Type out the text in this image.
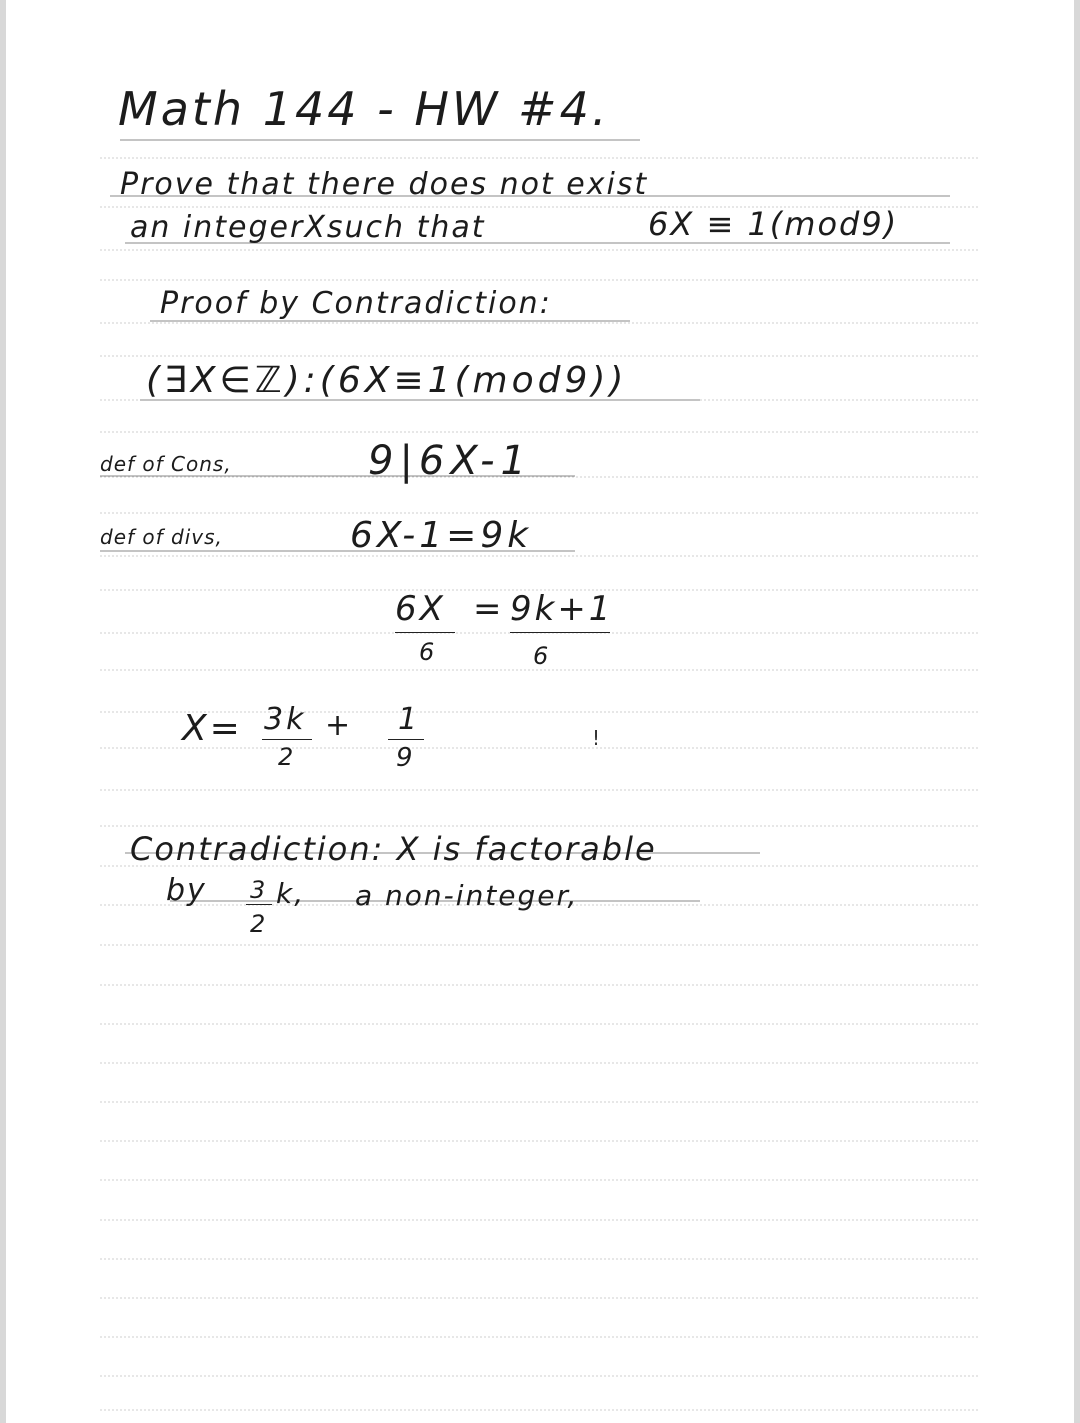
Math 144 - HW #4.
Prove that there does not exist
an integerXsuch that	6X ≡ 1(mod9)
Proof by Contradiction:
(∃X∈ℤ):(6X≡1(mod9))
def of Cons,	9|6X-1
def of divs,	6X-1=9k
6X = 9k+1
6	6
X= 3k
2
+ 1
9
!
Contradiction: X is factorable
by 3
2
k, a non-integer,
